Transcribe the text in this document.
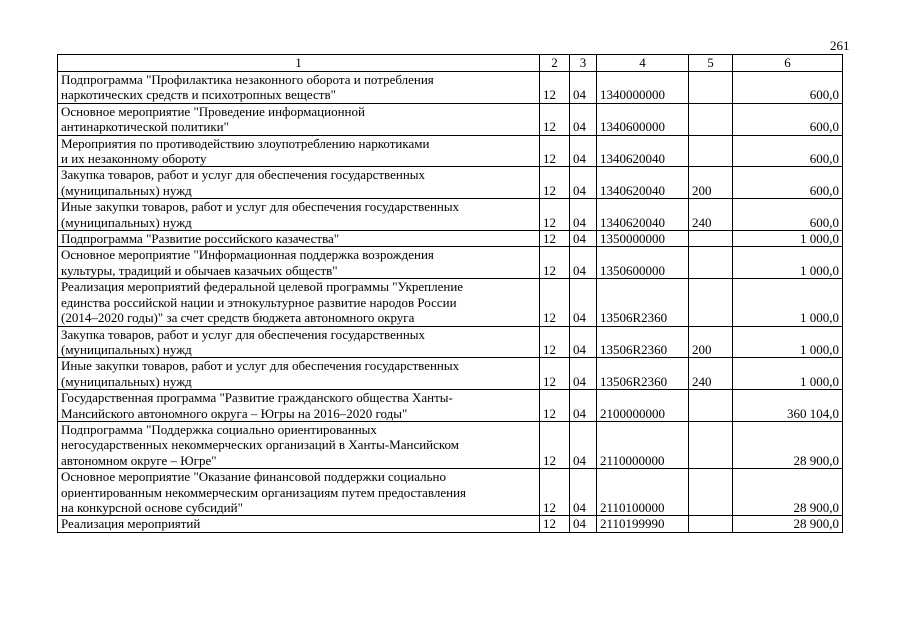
261
1	2	3	4	5	6

Подпрограмма "Профилактика незаконного оборота и потребления
наркотических средств и психотропных веществ"	12	04	1340000000		600,0

Основное мероприятие "Проведение информационной
антинаркотической политики"	12	04	1340600000		600,0

Мероприятия по противодействию злоупотреблению наркотиками
и их незаконному обороту	12	04	1340620040		600,0

Закупка товаров, работ и услуг для обеспечения государственных
(муниципальных) нужд	12	04	1340620040	200	600,0

Иные закупки товаров, работ и услуг для обеспечения государственных
(муниципальных) нужд	12	04	1340620040	240	600,0

Подпрограмма "Развитие российского казачества"	12	04	1350000000		1 000,0

Основное мероприятие "Информационная поддержка возрождения
культуры, традиций и обычаев казачьих обществ"	12	04	1350600000		1 000,0

Реализация мероприятий федеральной целевой программы "Укрепление
единства российской нации и этнокультурное развитие народов России
(2014–2020 годы)" за счет средств бюджета автономного округа	12	04	13506R2360		1 000,0

Закупка товаров, работ и услуг для обеспечения государственных
(муниципальных) нужд	12	04	13506R2360	200	1 000,0

Иные закупки товаров, работ и услуг для обеспечения государственных
(муниципальных) нужд	12	04	13506R2360	240	1 000,0

Государственная программа "Развитие гражданского общества Ханты-
Мансийского автономного округа – Югры на 2016–2020 годы"	12	04	2100000000		360 104,0

Подпрограмма "Поддержка социально ориентированных
негосударственных некоммерческих организаций в Ханты-Мансийском
автономном округе – Югре"	12	04	2110000000		28 900,0

Основное мероприятие "Оказание финансовой поддержки социально
ориентированным некоммерческим организациям путем предоставления
на конкурсной основе субсидий"	12	04	2110100000		28 900,0

Реализация мероприятий	12	04	2110199990		28 900,0
